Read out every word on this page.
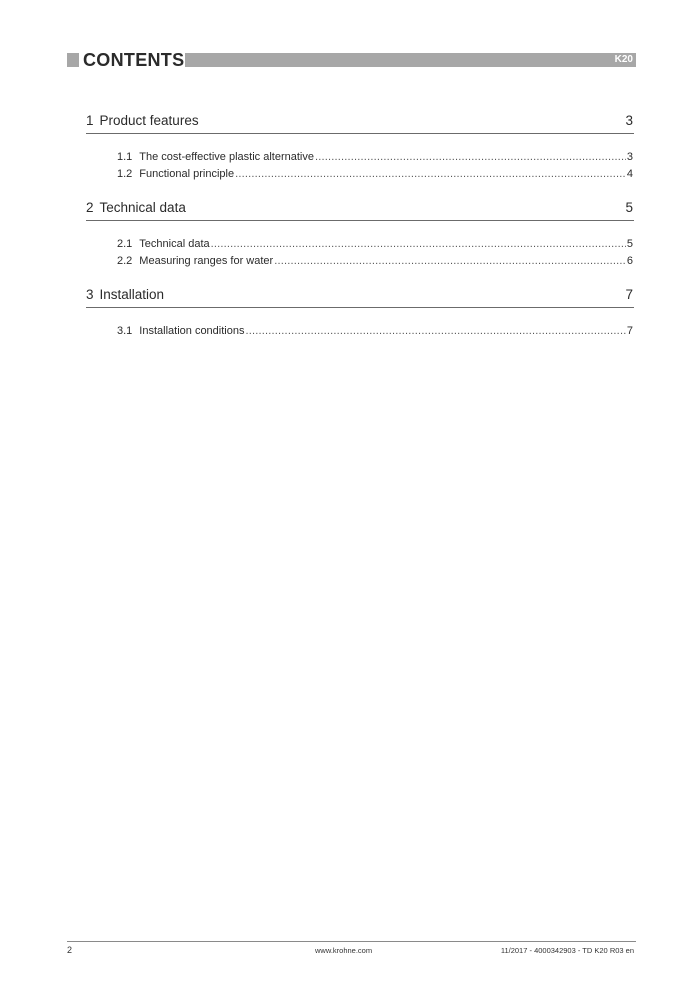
CONTENTS	K20
1 Product features	3
1.1 The cost-effective plastic alternative .....	3
1.2 Functional principle .....	4
2 Technical data	5
2.1 Technical data .....	5
2.2 Measuring ranges for water .....	6
3 Installation	7
3.1 Installation conditions .....	7
2	www.krohne.com	11/2017 - 4000342903 - TD K20 R03 en
